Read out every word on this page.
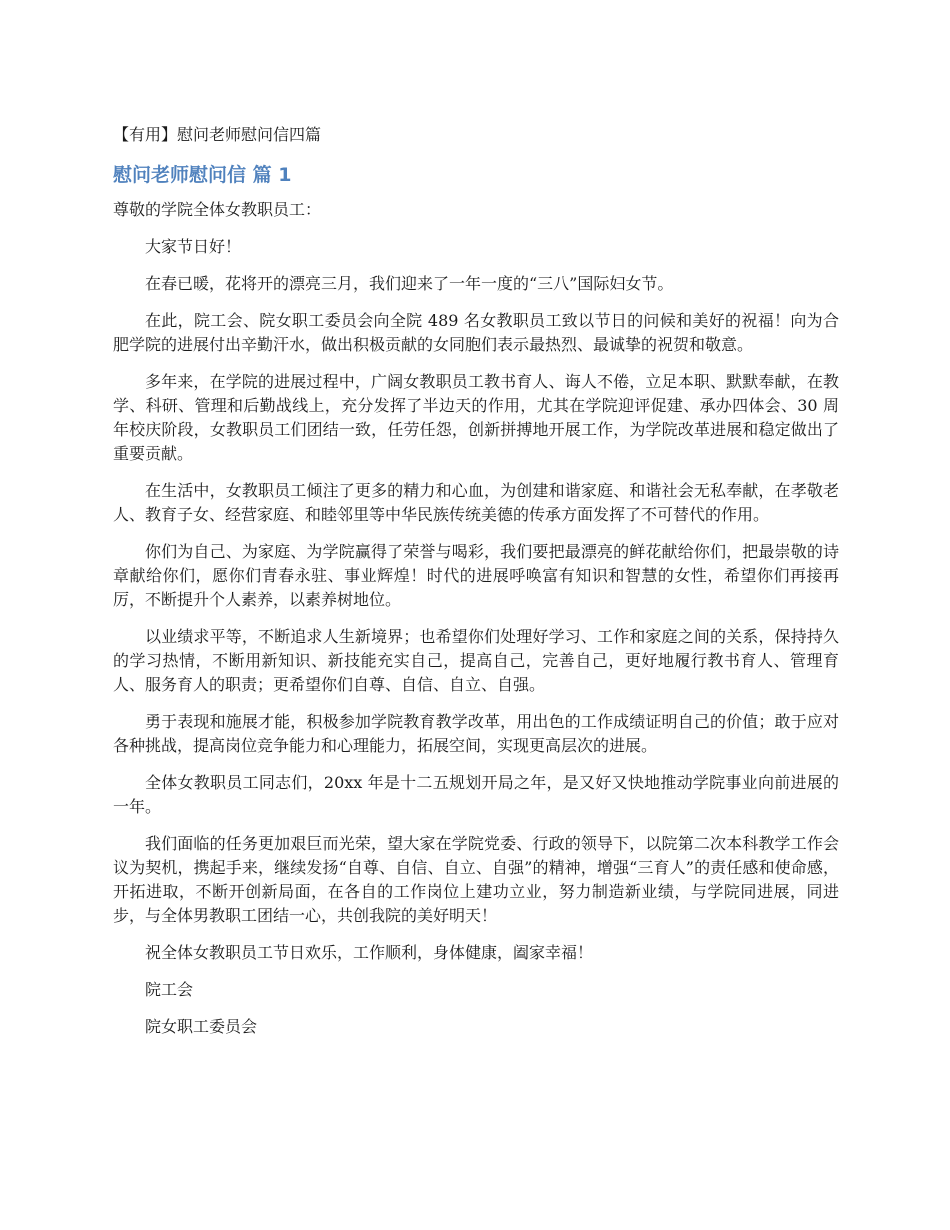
【有用】慰问老师慰问信四篇
慰问老师慰问信 篇 1

尊敬的学院全体女教职员工：

大家节日好！

在春已暖，花将开的漂亮三月，我们迎来了一年一度的“三八”国际妇女节。

在此，院工会、院女职工委员会向全院 489 名女教职员工致以节日的问候和美好的祝福！向为合肥学院的进展付出辛勤汗水，做出积极贡献的女同胞们表示最热烈、最诚挚的祝贺和敬意。

多年来，在学院的进展过程中，广阔女教职员工教书育人、诲人不倦，立足本职、默默奉献，在教学、科研、管理和后勤战线上，充分发挥了半边天的作用，尤其在学院迎评促建、承办四体会、30 周年校庆阶段，女教职员工们团结一致，任劳任怨，创新拼搏地开展工作，为学院改革进展和稳定做出了重要贡献。

在生活中，女教职员工倾注了更多的精力和心血，为创建和谐家庭、和谐社会无私奉献，在孝敬老人、教育子女、经营家庭、和睦邻里等中华民族传统美德的传承方面发挥了不可替代的作用。

你们为自己、为家庭、为学院赢得了荣誉与喝彩，我们要把最漂亮的鲜花献给你们，把最崇敬的诗章献给你们，愿你们青春永驻、事业辉煌！时代的进展呼唤富有知识和智慧的女性，希望你们再接再厉，不断提升个人素养，以素养树地位。

以业绩求平等，不断追求人生新境界；也希望你们处理好学习、工作和家庭之间的关系，保持持久的学习热情，不断用新知识、新技能充实自己，提高自己，完善自己，更好地履行教书育人、管理育人、服务育人的职责；更希望你们自尊、自信、自立、自强。

勇于表现和施展才能，积极参加学院教育教学改革，用出色的工作成绩证明自己的价值；敢于应对各种挑战，提高岗位竞争能力和心理能力，拓展空间，实现更高层次的进展。

全体女教职员工同志们，20xx 年是十二五规划开局之年，是又好又快地推动学院事业向前进展的一年。

我们面临的任务更加艰巨而光荣，望大家在学院党委、行政的领导下，以院第二次本科教学工作会议为契机，携起手来，继续发扬“自尊、自信、自立、自强”的精神，增强“三育人”的责任感和使命感，开拓进取，不断开创新局面，在各自的工作岗位上建功立业，努力制造新业绩，与学院同进展，同进步，与全体男教职工团结一心，共创我院的美好明天！

祝全体女教职员工节日欢乐，工作顺利，身体健康，阖家幸福！

院工会

院女职工委员会
